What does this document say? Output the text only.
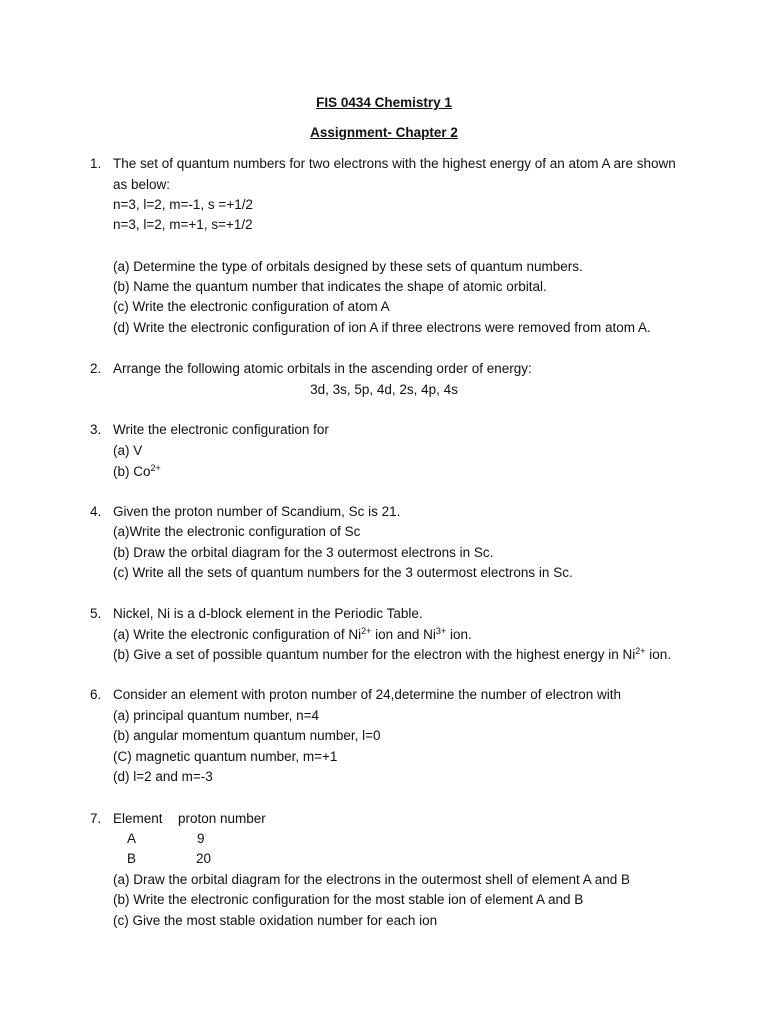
FIS 0434 Chemistry 1
Assignment- Chapter 2
1. The set of quantum numbers for two electrons with the highest energy of an atom A are shown
as below:
n=3, l=2, m=-1, s =+1/2
n=3, l=2, m=+1, s=+1/2
(a) Determine the type of orbitals designed by these sets of quantum numbers.
(b) Name the quantum number that indicates the shape of atomic orbital.
(c) Write the electronic configuration of atom A
(d) Write the electronic configuration of ion A if three electrons were removed from atom A.
2. Arrange the following atomic orbitals in the ascending order of energy:
3d, 3s, 5p, 4d, 2s, 4p, 4s
3. Write the electronic configuration for
(a) V
(b) $Co^{2+}$
4. Given the proton number of Scandium, Sc is 21.
(a)Write the electronic configuration of Sc
(b) Draw the orbital diagram for the 3 outermost electrons in Sc.
(c) Write all the sets of quantum numbers for the 3 outermost electrons in Sc.
5. Nickel, Ni is a d-block element in the Periodic Table.
(a) Write the electronic configuration of $Ni^{2+}$ ion and $Ni^{3+}$ ion.
(b) Give a set of possible quantum number for the electron with the highest energy in $Ni^{2+}$ ion.
6. Consider an element with proton number of 24,determine the number of electron with
(a) principal quantum number, n=4
(b) angular momentum quantum number, l=0
(C) magnetic quantum number, m=+1
(d) l=2 and m=-3
7. Element proton number
A	9
B	20
(a) Draw the orbital diagram for the electrons in the outermost shell of element A and B
(b) Write the electronic configuration for the most stable ion of element A and B
(c) Give the most stable oxidation number for each ion
